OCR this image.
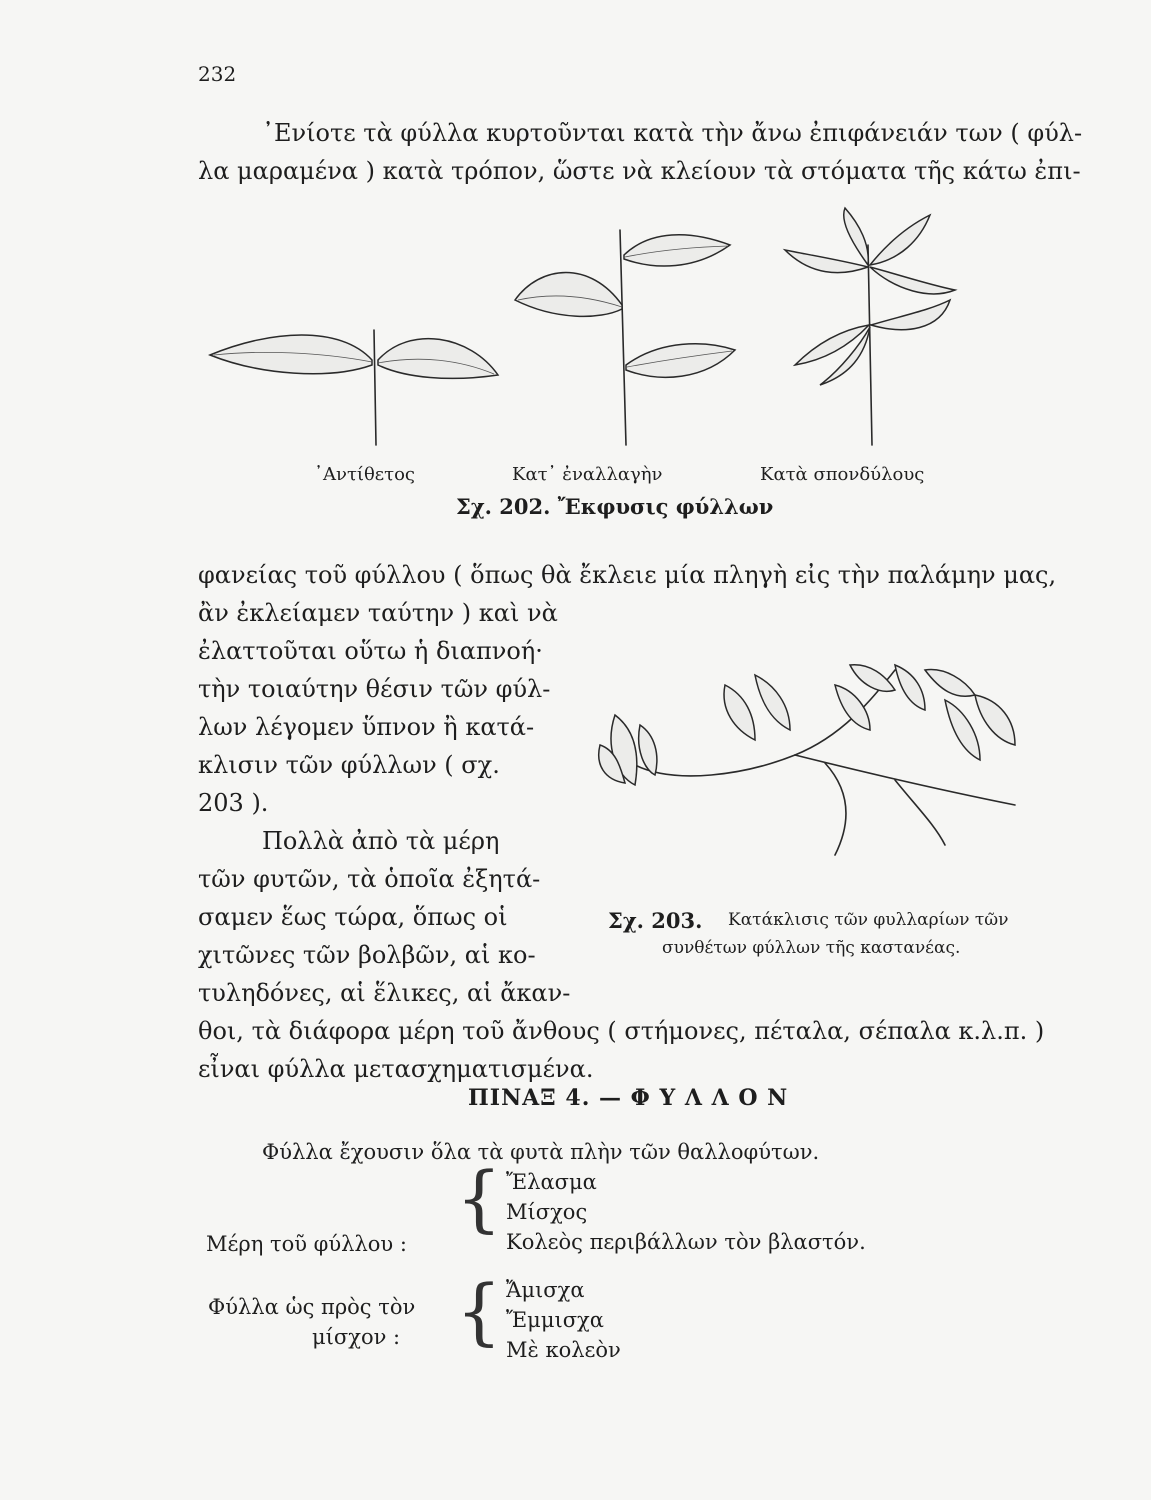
232
᾿Ενίοτε τὰ φύλλα κυρτοῦνται κατὰ τὴν ἄνω ἐπιφάνειάν των ( φύλ-
λα μαραμένα ) κατὰ τρόπον, ὥστε νὰ κλείουν τὰ στόματα τῆς κάτω ἐπι-
᾿Αντίθετος	Κατ᾿ ἐναλλαγὴν	Κατὰ σπονδύλους
Σχ. 202. Ἔκφυσις φύλλων
φανείας τοῦ φύλλου ( ὅπως θὰ ἔκλειε μία πληγὴ εἰς τὴν παλάμην μας,
ἂν ἐκλείαμεν ταύτην ) καὶ νὰ
ἐλαττοῦται οὕτω ἡ διαπνοή·
τὴν τοιαύτην θέσιν τῶν φύλ-
λων λέγομεν ὕπνον ἢ κατά-
κλισιν τῶν φύλλων ( σχ.
203 ).
Πολλὰ ἀπὸ τὰ μέρη
τῶν φυτῶν, τὰ ὁποῖα ἐξητά-
σαμεν ἕως τώρα, ὅπως οἱ
χιτῶνες τῶν βολβῶν, αἱ κο-
τυληδόνες, αἱ ἕλικες, αἱ ἄκαν-
Σχ. 203. Κατάκλισις τῶν φυλλαρίων τῶν
συνθέτων φύλλων τῆς καστανέας.
θοι, τὰ διάφορα μέρη τοῦ ἄνθους ( στήμονες, πέταλα, σέπαλα κ.λ.π. )
εἶναι φύλλα μετασχηματισμένα.
ΠΙΝΑΞ 4. — Φ Υ Λ Λ Ο Ν
Φύλλα ἔχουσιν ὅλα τὰ φυτὰ πλὴν τῶν θαλλοφύτων.
Μέρη τοῦ φύλλου :
{ Ἔλασμα
Μίσχος
Κολεὸς περιβάλλων τὸν βλαστόν.
Φύλλα ὡς πρὸς τὸν
μίσχον : { Ἄμισχα
Ἔμμισχα
Μὲ κολεὸν
